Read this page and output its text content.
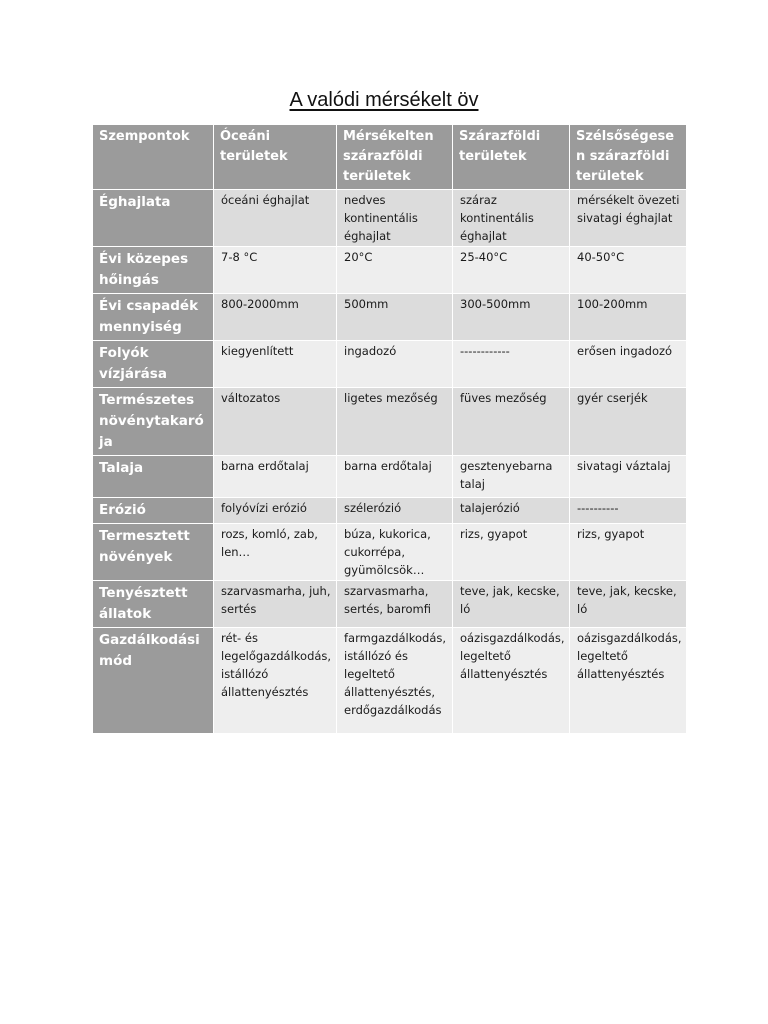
A valódi mérsékelt öv
Szempontok	Óceáni területek	Mérsékelten szárazföldi területek	Szárazföldi területek	Szélsőségesen szárazföldi területek
Éghajlata	óceáni éghajlat	nedves kontinentális éghajlat	száraz kontinentális éghajlat	mérsékelt övezeti sivatagi éghajlat
Évi közepes hőingás	7-8 °C	20°C	25-40°C	40-50°C
Évi csapadék mennyiség	800-2000mm	500mm	300-500mm	100-200mm
Folyók vízjárása	kiegyenlített	ingadozó	------------	erősen ingadozó
Természetes növénytakarója	változatos	ligetes mezőség	füves mezőség	gyér cserjék
Talaja	barna erdőtalaj	barna erdőtalaj	gesztenyebarna talaj	sivatagi váztalaj
Erózió	folyóvízi erózió	szélerózió	talajerózió	----------
Termesztett növények	rozs, komló, zab, len…	búza, kukorica, cukorrépa, gyümölcsök…	rizs, gyapot	rizs, gyapot
Tenyésztett állatok	szarvasmarha, juh, sertés	szarvasmarha, sertés, baromfi	teve, jak, kecske, ló	teve, jak, kecske, ló
Gazdálkodási mód	rét- és legelőgazdálkodás, istállózó állattenyésztés	farmgazdálkodás, istállózó és legeltető állattenyésztés, erdőgazdálkodás	oázisgazdálkodás, legeltető állattenyésztés	oázisgazdálkodás, legeltető állattenyésztés
